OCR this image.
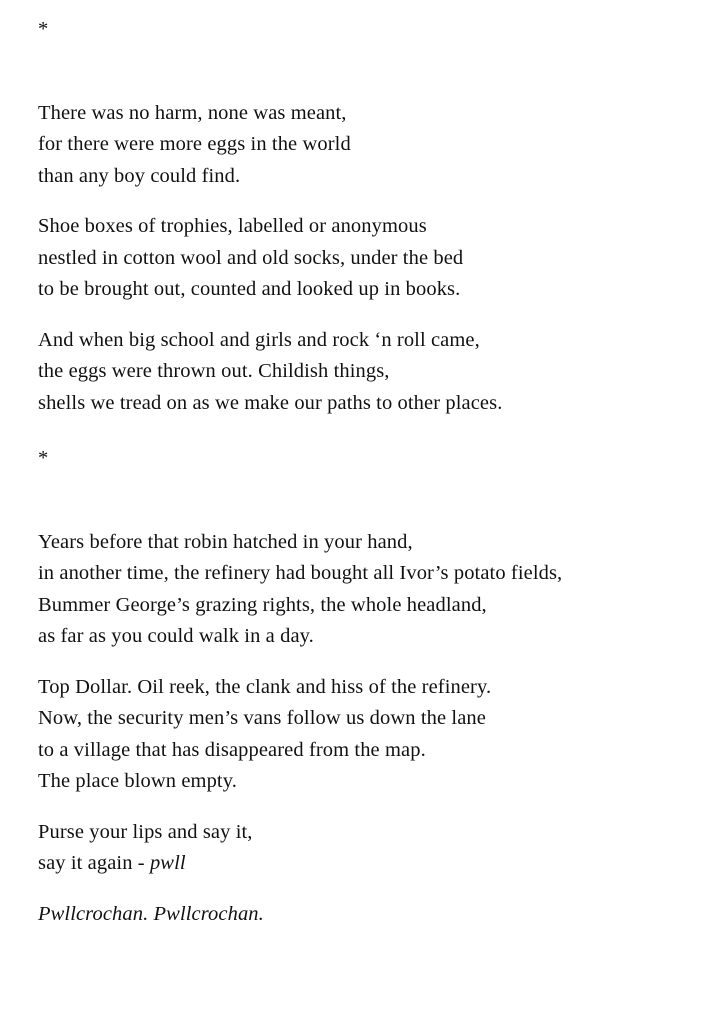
*
There was no harm, none was meant,
for there were more eggs in the world
than any boy could find.
Shoe boxes of trophies, labelled or anonymous
nestled in cotton wool and old socks, under the bed
to be brought out, counted and looked up in books.
And when big school and girls and rock ‘n roll came,
the eggs were thrown out. Childish things,
shells we tread on as we make our paths to other places.
*
Years before that robin hatched in your hand,
in another time, the refinery had bought all Ivor’s potato fields,
Bummer George’s grazing rights, the whole headland,
as far as you could walk in a day.
Top Dollar. Oil reek, the clank and hiss of the refinery.
Now, the security men’s vans follow us down the lane
to a village that has disappeared from the map.
The place blown empty.
Purse your lips and say it,
say it again - pwll
Pwllcrochan. Pwllcrochan.
